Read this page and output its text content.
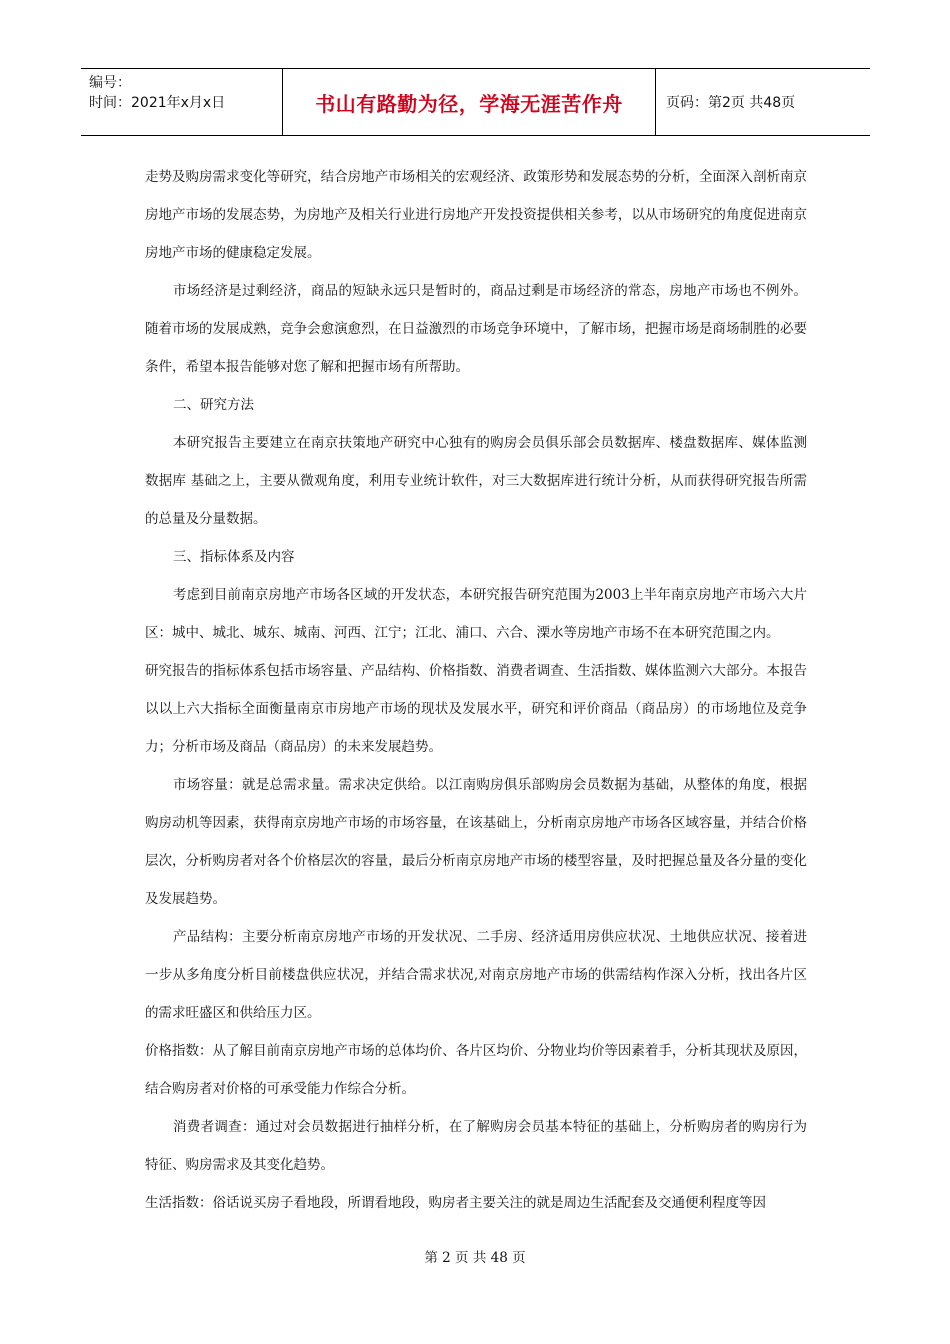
编号：
时间：2021年x月x日	书山有路勤为径，学海无涯苦作舟	页码：第2页 共48页

走势及购房需求变化等研究，结合房地产市场相关的宏观经济、政策形势和发展态势的分析，全面深入剖析南京房地产市场的发展态势，为房地产及相关行业进行房地产开发投资提供相关参考，以从市场研究的角度促进南京房地产市场的健康稳定发展。

市场经济是过剩经济，商品的短缺永远只是暂时的，商品过剩是市场经济的常态，房地产市场也不例外。随着市场的发展成熟，竞争会愈演愈烈，在日益激烈的市场竞争环境中，了解市场，把握市场是商场制胜的必要条件，希望本报告能够对您了解和把握市场有所帮助。

二、研究方法

本研究报告主要建立在南京扶策地产研究中心独有的购房会员俱乐部会员数据库、楼盘数据库、媒体监测数据库 基础之上，主要从微观角度，利用专业统计软件，对三大数据库进行统计分析，从而获得研究报告所需的总量及分量数据。

三、指标体系及内容

考虑到目前南京房地产市场各区域的开发状态，本研究报告研究范围为2003上半年南京房地产市场六大片区：城中、城北、城东、城南、河西、江宁；江北、浦口、六合、溧水等房地产市场不在本研究范围之内。

研究报告的指标体系包括市场容量、产品结构、价格指数、消费者调查、生活指数、媒体监测六大部分。本报告以以上六大指标全面衡量南京市房地产市场的现状及发展水平，研究和评价商品（商品房）的市场地位及竞争力；分析市场及商品（商品房）的未来发展趋势。

市场容量：就是总需求量。需求决定供给。以江南购房俱乐部购房会员数据为基础，从整体的角度，根据购房动机等因素，获得南京房地产市场的市场容量，在该基础上，分析南京房地产市场各区域容量，并结合价格层次，分析购房者对各个价格层次的容量，最后分析南京房地产市场的楼型容量，及时把握总量及各分量的变化及发展趋势。

产品结构：主要分析南京房地产市场的开发状况、二手房、经济适用房供应状况、土地供应状况、接着进一步从多角度分析目前楼盘供应状况，并结合需求状况,对南京房地产市场的供需结构作深入分析，找出各片区的需求旺盛区和供给压力区。

价格指数：从了解目前南京房地产市场的总体均价、各片区均价、分物业均价等因素着手，分析其现状及原因，结合购房者对价格的可承受能力作综合分析。

消费者调查：通过对会员数据进行抽样分析，在了解购房会员基本特征的基础上，分析购房者的购房行为特征、购房需求及其变化趋势。

生活指数：俗话说买房子看地段，所谓看地段，购房者主要关注的就是周边生活配套及交通便利程度等因

第 2 页 共 48 页
